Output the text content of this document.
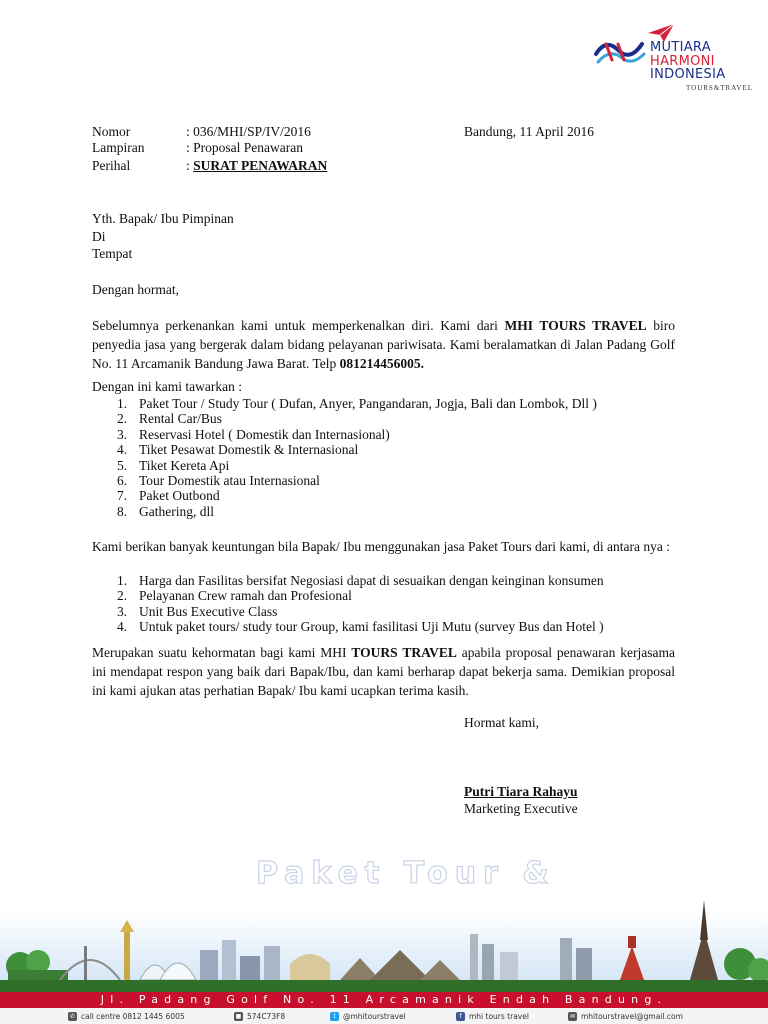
MUTIARA
HARMONI
INDONESIA
TOURS&TRAVEL
Nomor	: 036/MHI/SP/IV/2016
Lampiran	: Proposal Penawaran
Perihal	: SURAT PENAWARAN
Bandung, 11 April 2016
Yth. Bapak/ Ibu Pimpinan
Di
Tempat
Dengan hormat,
Sebelumnya perkenankan kami untuk memperkenalkan diri. Kami dari MHI TOURS TRAVEL biro penyedia jasa yang bergerak dalam bidang pelayanan pariwisata. Kami beralamatkan di Jalan Padang Golf No. 11 Arcamanik Bandung Jawa Barat. Telp 081214456005.
Dengan ini kami tawarkan :
1. Paket Tour / Study Tour ( Dufan, Anyer, Pangandaran, Jogja, Bali dan Lombok, Dll )
2. Rental Car/Bus
3. Reservasi Hotel ( Domestik dan Internasional)
4. Tiket Pesawat Domestik & Internasional
5. Tiket Kereta Api
6. Tour Domestik atau Internasional
7. Paket Outbond
8. Gathering, dll
Kami berikan banyak keuntungan bila Bapak/ Ibu menggunakan jasa Paket Tours dari kami, di antara nya :
1. Harga dan Fasilitas bersifat Negosiasi dapat di sesuaikan dengan keinginan konsumen
2. Pelayanan Crew ramah dan Profesional
3. Unit Bus Executive Class
4. Untuk paket tours/ study tour Group, kami fasilitasi Uji Mutu (survey Bus dan Hotel )
Merupakan suatu kehormatan bagi kami MHI TOURS TRAVEL apabila proposal penawaran kerjasama ini mendapat respon yang baik dari Bapak/Ibu, dan kami berharap dapat bekerja sama. Demikian proposal ini kami ajukan atas perhatian Bapak/ Ibu kami ucapkan terima kasih.
Hormat kami,
Putri Tiara Rahayu
Marketing Executive
Paket Tour &
Jl. Padang Golf No. 11 Arcamanik Endah Bandung.
✆ call centre 0812 1445 6005	■ 574C73F8	t @mhitourstravel	f mhi tours travel	✉ mhitourstravel@gmail.com
